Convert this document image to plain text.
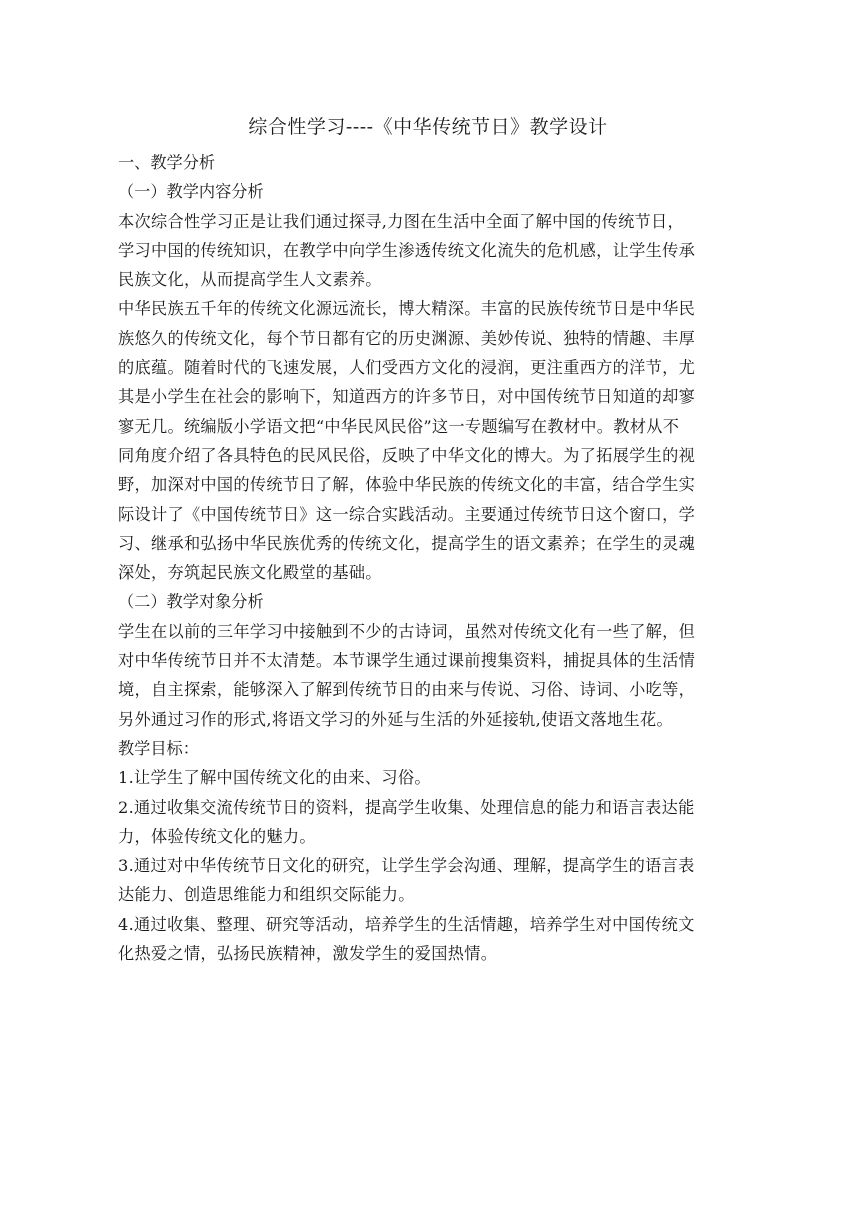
综合性学习----《中华传统节日》教学设计

一、教学分析

（一）教学内容分析

本次综合性学习正是让我们通过探寻,力图在生活中全面了解中国的传统节日，

学习中国的传统知识，在教学中向学生渗透传统文化流失的危机感，让学生传承

民族文化，从而提高学生人文素养。

中华民族五千年的传统文化源远流长，博大精深。丰富的民族传统节日是中华民

族悠久的传统文化，每个节日都有它的历史渊源、美妙传说、独特的情趣、丰厚

的底蕴。随着时代的飞速发展，人们受西方文化的浸润，更注重西方的洋节，尤

其是小学生在社会的影响下，知道西方的许多节日，对中国传统节日知道的却寥

寥无几。统编版小学语文把“中华民风民俗”这一专题编写在教材中。教材从不

同角度介绍了各具特色的民风民俗，反映了中华文化的博大。为了拓展学生的视

野，加深对中国的传统节日了解，体验中华民族的传统文化的丰富，结合学生实

际设计了《中国传统节日》这一综合实践活动。主要通过传统节日这个窗口，学

习、继承和弘扬中华民族优秀的传统文化，提高学生的语文素养；在学生的灵魂

深处，夯筑起民族文化殿堂的基础。

（二）教学对象分析

学生在以前的三年学习中接触到不少的古诗词，虽然对传统文化有一些了解，但

对中华传统节日并不太清楚。本节课学生通过课前搜集资料，捕捉具体的生活情

境，自主探索，能够深入了解到传统节日的由来与传说、习俗、诗词、小吃等，

另外通过习作的形式,将语文学习的外延与生活的外延接轨,使语文落地生花。

教学目标：

1.让学生了解中国传统文化的由来、习俗。

2.通过收集交流传统节日的资料，提高学生收集、处理信息的能力和语言表达能

力，体验传统文化的魅力。

3.通过对中华传统节日文化的研究，让学生学会沟通、理解，提高学生的语言表

达能力、创造思维能力和组织交际能力。

4.通过收集、整理、研究等活动，培养学生的生活情趣，培养学生对中国传统文

化热爱之情，弘扬民族精神，激发学生的爱国热情。
